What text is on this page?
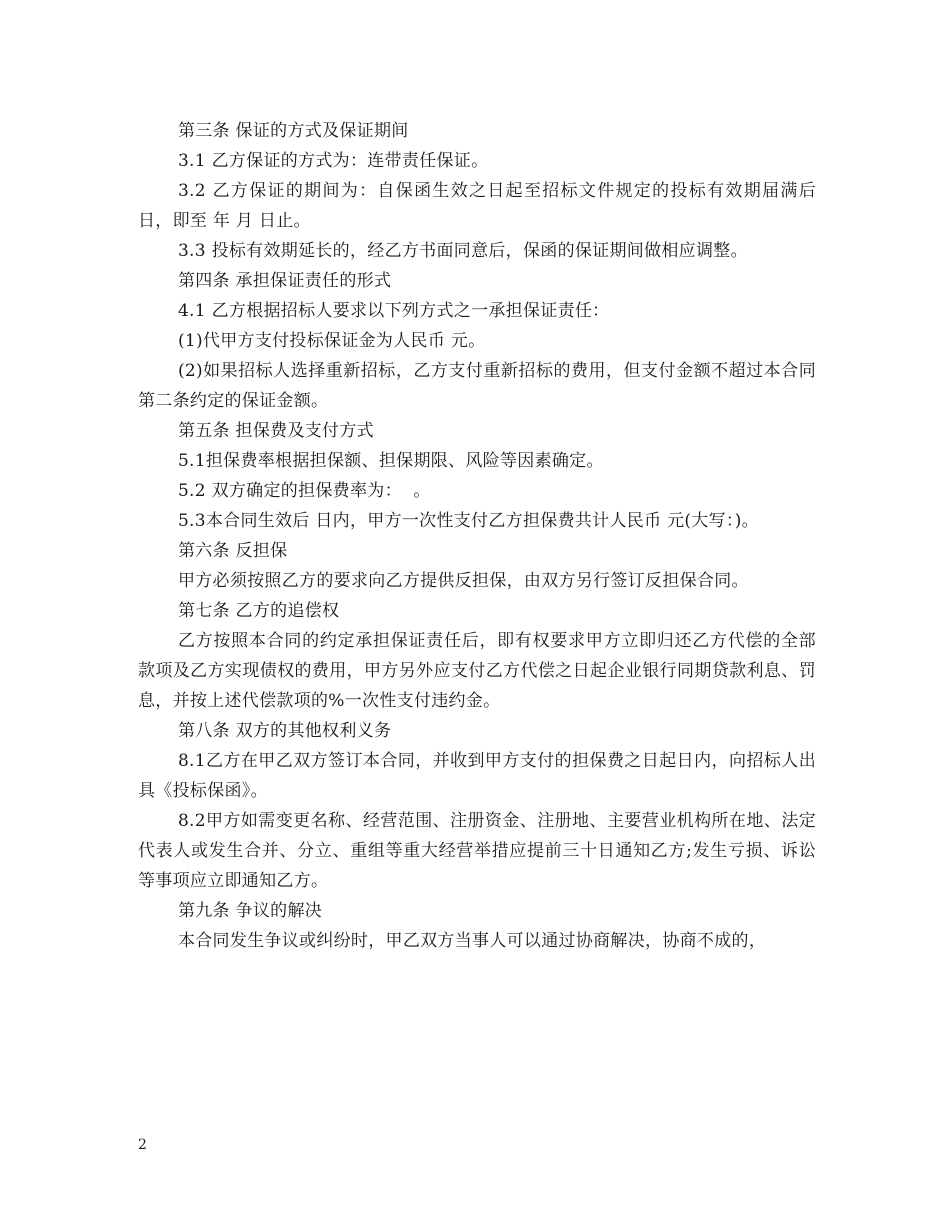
第三条 保证的方式及保证期间

3.1 乙方保证的方式为：连带责任保证。

3.2 乙方保证的期间为：自保函生效之日起至招标文件规定的投标有效期届满后 日，即至 年 月 日止。

3.3 投标有效期延长的，经乙方书面同意后，保函的保证期间做相应调整。

第四条 承担保证责任的形式

4.1 乙方根据招标人要求以下列方式之一承担保证责任：

(1)代甲方支付投标保证金为人民币 元。

(2)如果招标人选择重新招标，乙方支付重新招标的费用，但支付金额不超过本合同第二条约定的保证金额。

第五条 担保费及支付方式

5.1担保费率根据担保额、担保期限、风险等因素确定。

5.2 双方确定的担保费率为：  。

5.3本合同生效后 日内，甲方一次性支付乙方担保费共计人民币 元(大写：)。

第六条 反担保

甲方必须按照乙方的要求向乙方提供反担保，由双方另行签订反担保合同。

第七条 乙方的追偿权

乙方按照本合同的约定承担保证责任后，即有权要求甲方立即归还乙方代偿的全部款项及乙方实现债权的费用，甲方另外应支付乙方代偿之日起企业银行同期贷款利息、罚息，并按上述代偿款项的%一次性支付违约金。

第八条 双方的其他权利义务

8.1乙方在甲乙双方签订本合同，并收到甲方支付的担保费之日起日内，向招标人出具《投标保函》。

8.2甲方如需变更名称、经营范围、注册资金、注册地、主要营业机构所在地、法定代表人或发生合并、分立、重组等重大经营举措应提前三十日通知乙方;发生亏损、诉讼等事项应立即通知乙方。

第九条 争议的解决

本合同发生争议或纠纷时，甲乙双方当事人可以通过协商解决，协商不成的，

2
